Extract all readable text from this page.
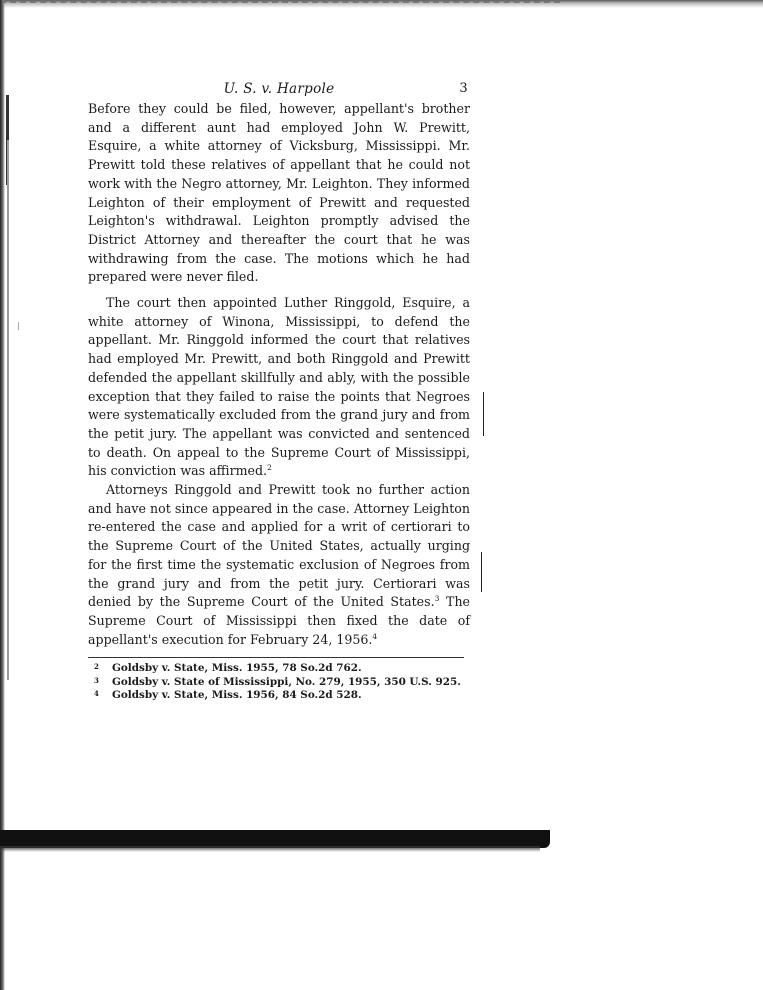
U. S. v. Harpole	3

Before they could be filed, however, appellant's brother and a different aunt had employed John W. Prewitt, Esquire, a white attorney of Vicksburg, Mississippi. Mr. Prewitt told these relatives of appellant that he could not work with the Negro attorney, Mr. Leighton. They informed Leighton of their employment of Prewitt and requested Leighton's withdrawal. Leighton promptly advised the District Attorney and thereafter the court that he was withdrawing from the case. The motions which he had prepared were never filed.

The court then appointed Luther Ringgold, Esquire, a white attorney of Winona, Mississippi, to defend the appellant. Mr. Ringgold informed the court that relatives had employed Mr. Prewitt, and both Ringgold and Prewitt defended the appellant skillfully and ably, with the possible exception that they failed to raise the points that Negroes were systematically excluded from the grand jury and from the petit jury. The appellant was convicted and sentenced to death. On appeal to the Supreme Court of Mississippi, his conviction was affirmed.$^2$

Attorneys Ringgold and Prewitt took no further action and have not since appeared in the case. Attorney Leighton re-entered the case and applied for a writ of certiorari to the Supreme Court of the United States, actually urging for the first time the systematic exclusion of Negroes from the grand jury and from the petit jury. Certiorari was denied by the Supreme Court of the United States.$^3$ The Supreme Court of Mississippi then fixed the date of appellant's execution for February 24, 1956.$^4$

2 Goldsby v. State, Miss. 1955, 78 So.2d 762.
3 Goldsby v. State of Mississippi, No. 279, 1955, 350 U.S. 925.
4 Goldsby v. State, Miss. 1956, 84 So.2d 528.
